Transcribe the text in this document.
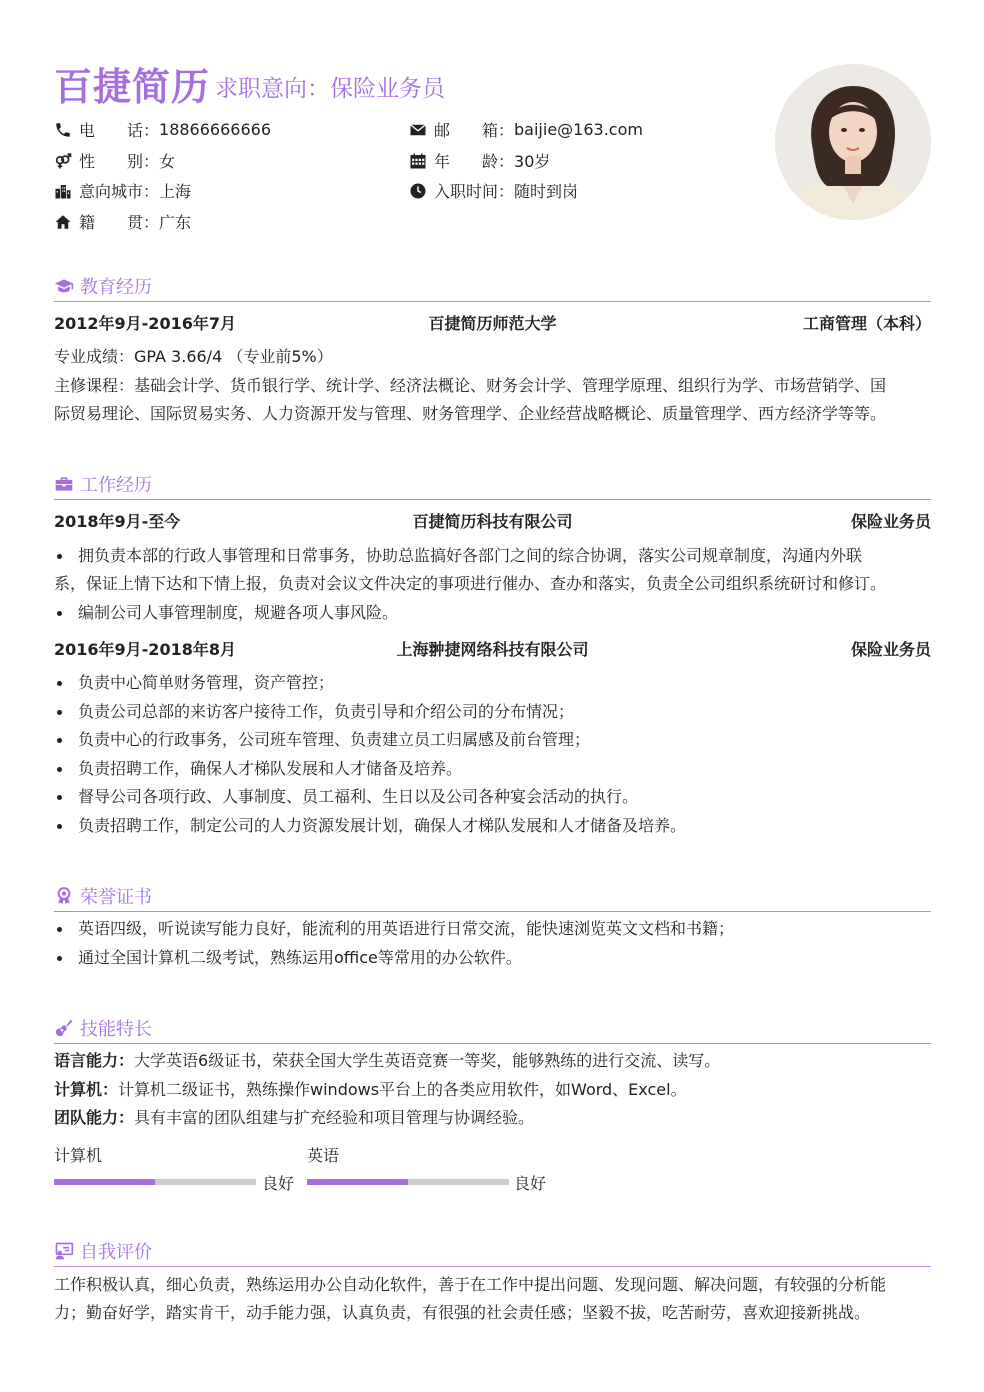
百捷简历 求职意向：保险业务员
电　　话： 18866666666
性　　别： 女
意向城市： 上海
籍　　贯： 广东
邮　　箱： baijie@163.com
年　　龄： 30岁
入职时间： 随时到岗
教育经历
2012年9月-2016年7月	百捷简历师范大学	工商管理（本科）
专业成绩：GPA 3.66/4 （专业前5%）
主修课程：基础会计学、货币银行学、统计学、经济法概论、财务会计学、管理学原理、组织行为学、市场营销学、国
际贸易理论、国际贸易实务、人力资源开发与管理、财务管理学、企业经营战略概论、质量管理学、西方经济学等等。
工作经历
2018年9月-至今	百捷简历科技有限公司	保险业务员
拥负责本部的行政人事管理和日常事务，协助总监搞好各部门之间的综合协调，落实公司规章制度，沟通内外联
系，保证上情下达和下情上报，负责对会议文件决定的事项进行催办、查办和落实，负责全公司组织系统研讨和修订。
编制公司人事管理制度，规避各项人事风险。
2016年9月-2018年8月	上海翀捷网络科技有限公司	保险业务员
负责中心简单财务管理，资产管控；
负责公司总部的来访客户接待工作，负责引导和介绍公司的分布情况；
负责中心的行政事务，公司班车管理、负责建立员工归属感及前台管理；
负责招聘工作，确保人才梯队发展和人才储备及培养。
督导公司各项行政、人事制度、员工福利、生日以及公司各种宴会活动的执行。
负责招聘工作，制定公司的人力资源发展计划，确保人才梯队发展和人才储备及培养。
荣誉证书
英语四级，听说读写能力良好，能流利的用英语进行日常交流，能快速浏览英文文档和书籍；
通过全国计算机二级考试，熟练运用office等常用的办公软件。
技能特长
语言能力：大学英语6级证书，荣获全国大学生英语竞赛一等奖，能够熟练的进行交流、读写。
计算机：计算机二级证书，熟练操作windows平台上的各类应用软件，如Word、Excel。
团队能力：具有丰富的团队组建与扩充经验和项目管理与协调经验。
计算机
良好
英语
良好
自我评价
工作积极认真，细心负责，熟练运用办公自动化软件，善于在工作中提出问题、发现问题、解决问题，有较强的分析能
力；勤奋好学，踏实肯干，动手能力强，认真负责，有很强的社会责任感；坚毅不拔，吃苦耐劳，喜欢迎接新挑战。
